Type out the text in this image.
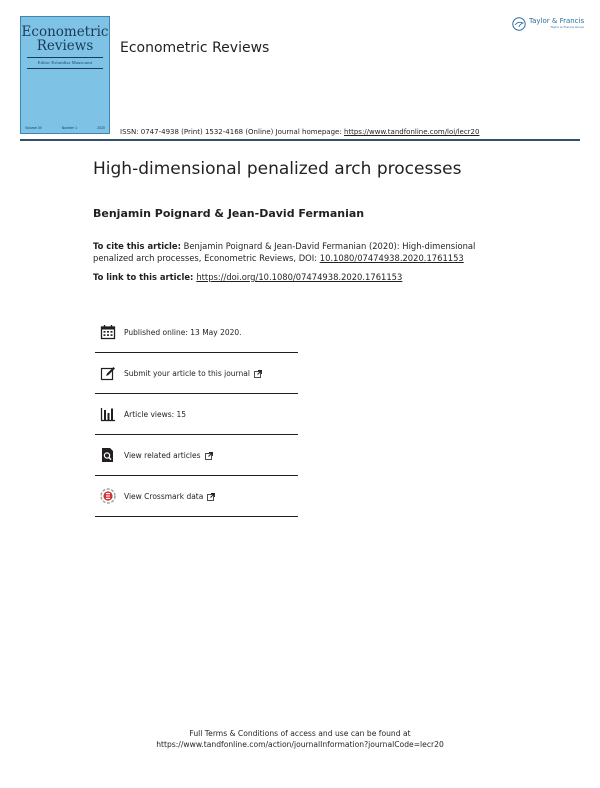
Econometric
Reviews
Editor Esfandiar Maasoumi
Volume 39	Number 1	2020
Econometric Reviews
ISSN: 0747-4938 (Print) 1532-4168 (Online) Journal homepage: https://www.tandfonline.com/loi/lecr20
Taylor & Francis
Taylor & Francis Group
High-dimensional penalized arch processes
Benjamin Poignard & Jean-David Fermanian
To cite this article: Benjamin Poignard & Jean-David Fermanian (2020): High-dimensional penalized arch processes, Econometric Reviews, DOI: 10.1080/07474938.2020.1761153
To link to this article: https://doi.org/10.1080/07474938.2020.1761153
Published online: 13 May 2020.
Submit your article to this journal
Article views: 15
View related articles
View Crossmark data
Full Terms & Conditions of access and use can be found at
https://www.tandfonline.com/action/journalInformation?journalCode=lecr20
